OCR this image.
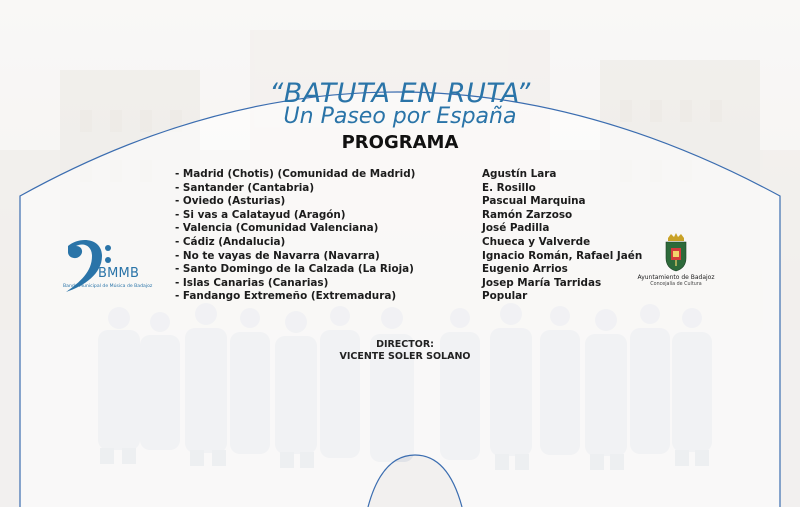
“BATUTA EN RUTA”
Un Paseo por España
PROGRAMA
- Madrid (Chotis) (Comunidad de Madrid)
- Santander (Cantabria)
- Oviedo (Asturias)
- Si vas a Calatayud (Aragón)
- Valencia (Comunidad Valenciana)
- Cádiz (Andalucia)
- No te vayas de Navarra (Navarra)
- Santo Domingo de la Calzada (La Rioja)
- Islas Canarias (Canarias)
- Fandango Extremeño (Extremadura)
Agustín Lara
E. Rosillo
Pascual Marquina
Ramón Zarzoso
José Padilla
Chueca y Valverde
Ignacio Román, Rafael Jaén
Eugenio Arrios
Josep María Tarridas
Popular
DIRECTOR:
VICENTE SOLER SOLANO
BMMB
Banda Municipal de Música de Badajoz
Ayuntamiento de Badajoz
Concejalía de Cultura
